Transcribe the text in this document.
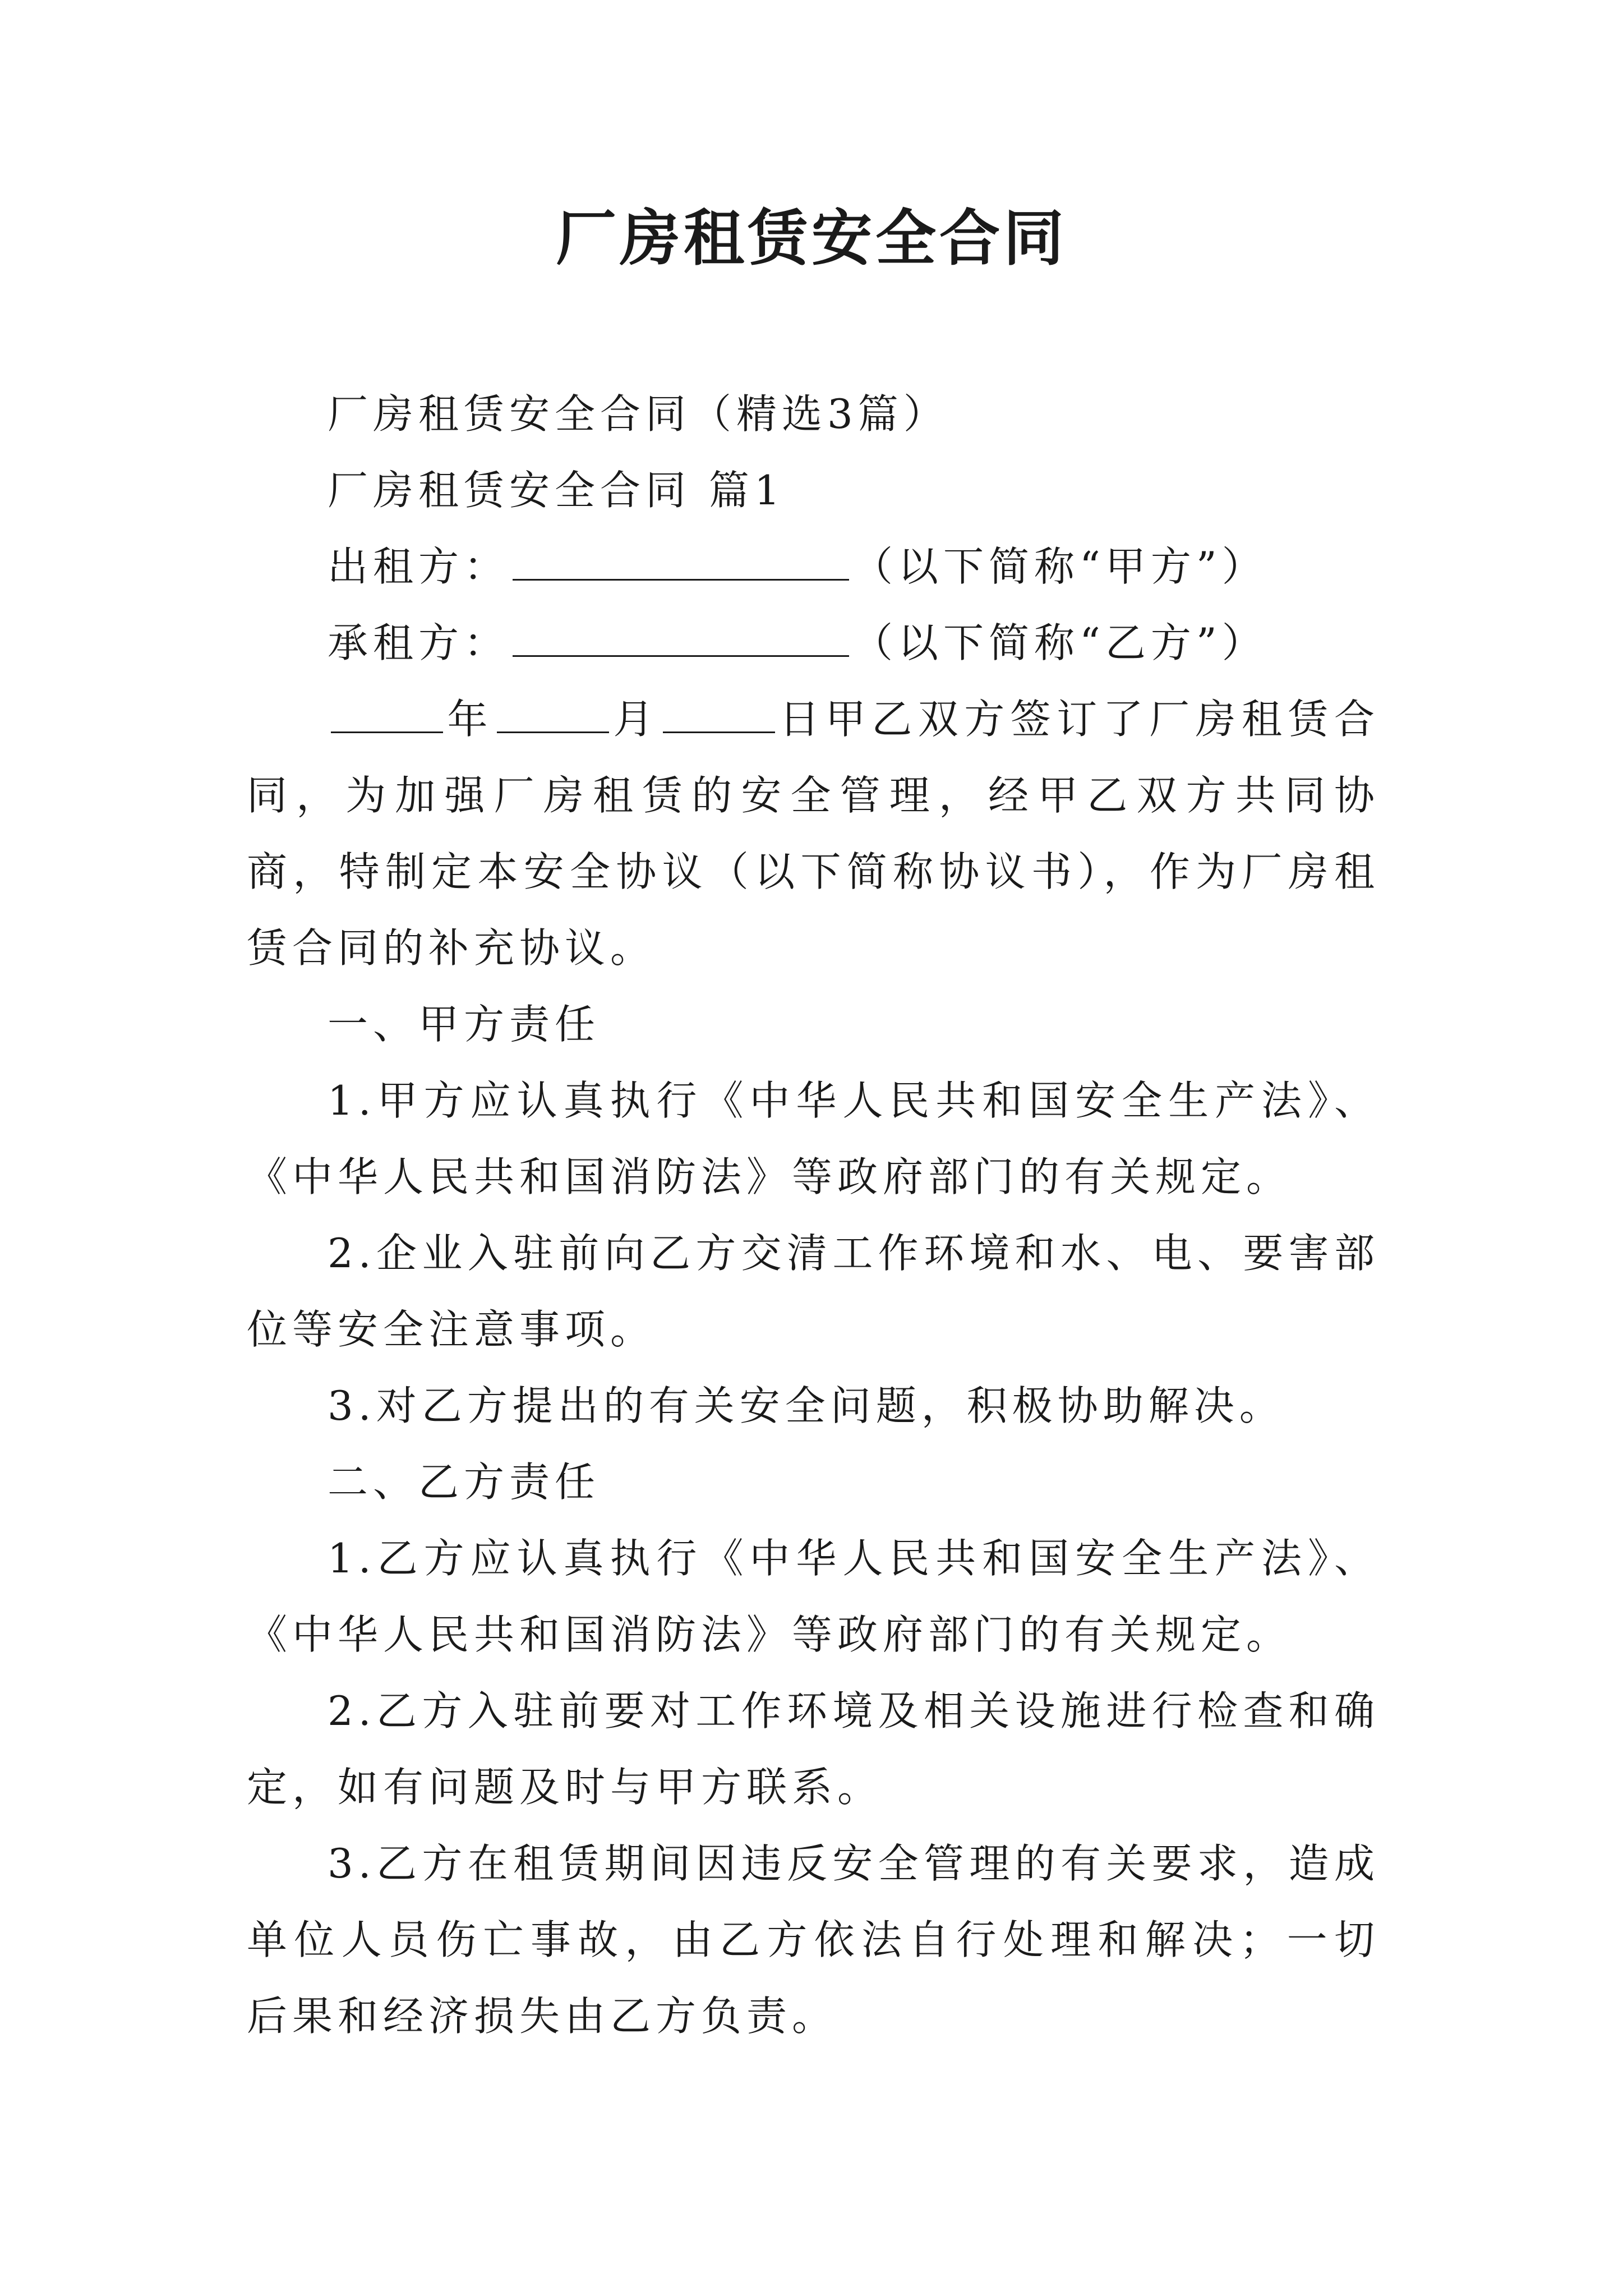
厂房租赁安全合同

厂房租赁安全合同（精选3篇）

厂房租赁安全合同 篇1

出租方：	（以下简称“甲方”）

承租方：	（以下简称“乙方”）

年	月	日甲乙双方签订了厂房租赁合同，为加强厂房租赁的安全管理，经甲乙双方共同协商，特制定本安全协议（以下简称协议书），作为厂房租赁合同的补充协议。

一、甲方责任

1.甲方应认真执行《中华人民共和国安全生产法》、《中华人民共和国消防法》等政府部门的有关规定。

2.企业入驻前向乙方交清工作环境和水、电、要害部位等安全注意事项。

3.对乙方提出的有关安全问题，积极协助解决。

二、乙方责任

1.乙方应认真执行《中华人民共和国安全生产法》、《中华人民共和国消防法》等政府部门的有关规定。

2.乙方入驻前要对工作环境及相关设施进行检查和确定，如有问题及时与甲方联系。

3.乙方在租赁期间因违反安全管理的有关要求，造成单位人员伤亡事故，由乙方依法自行处理和解决；一切后果和经济损失由乙方负责。
